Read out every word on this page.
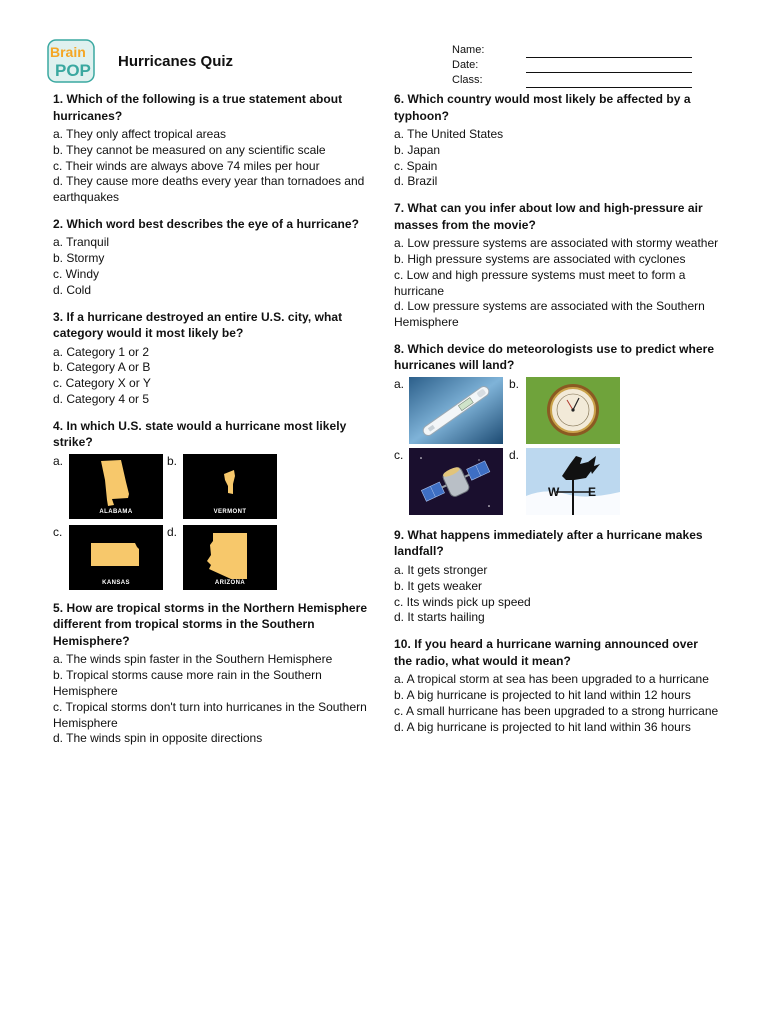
Brain
POP Hurricanes Quiz
Name:
Date:
Class:
1. Which of the following is a true statement about hurricanes?
a. They only affect tropical areas
b. They cannot be measured on any scientific scale
c. Their winds are always above 74 miles per hour
d. They cause more deaths every year than tornadoes and earthquakes
2. Which word best describes the eye of a hurricane?
a. Tranquil
b. Stormy
c. Windy
d. Cold
3. If a hurricane destroyed an entire U.S. city, what category would it most likely be?
a. Category 1 or 2
b. Category A or B
c. Category X or Y
d. Category 4 or 5
4. In which U.S. state would a hurricane most likely strike?
a.
ALABAMA
b.
VERMONT
c.
KANSAS
d.
ARIZONA
5. How are tropical storms in the Northern Hemisphere different from tropical storms in the Southern Hemisphere?
a. The winds spin faster in the Southern Hemisphere
b. Tropical storms cause more rain in the Southern Hemisphere
c. Tropical storms don't turn into hurricanes in the Southern Hemisphere
d. The winds spin in opposite directions
6. Which country would most likely be affected by a typhoon?
a. The United States
b. Japan
c. Spain
d. Brazil
7. What can you infer about low and high-pressure air masses from the movie?
a. Low pressure systems are associated with stormy weather
b. High pressure systems are associated with cyclones
c. Low and high pressure systems must meet to form a hurricane
d. Low pressure systems are associated with the Southern Hemisphere
8. Which device do meteorologists use to predict where hurricanes will land?
a.	b.
c.	d.
W E
9. What happens immediately after a hurricane makes landfall?
a. It gets stronger
b. It gets weaker
c. Its winds pick up speed
d. It starts hailing
10. If you heard a hurricane warning announced over the radio, what would it mean?
a. A tropical storm at sea has been upgraded to a hurricane
b. A big hurricane is projected to hit land within 12 hours
c. A small hurricane has been upgraded to a strong hurricane
d. A big hurricane is projected to hit land within 36 hours
